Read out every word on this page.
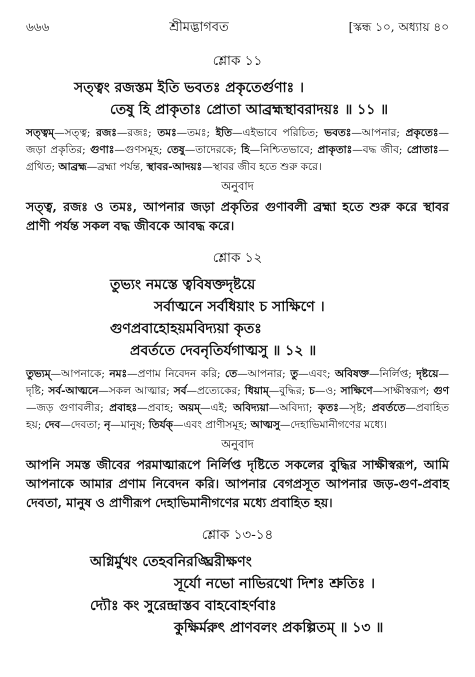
৬৬৬	শ্রীমদ্ভাগবত	[স্কন্ধ ১০, অধ্যায় ৪০
শ্লোক ১১
সত্ত্বং রজস্তম ইতি ভবতঃ প্রকৃতের্গুণাঃ ।
তেষু হি প্রাকৃতাঃ প্রোতা আব্রহ্মস্থাবরাদয়ঃ ॥ ১১ ॥
সত্ত্বম্—সত্ত্ব; রজঃ—রজঃ; তমঃ—তমঃ; ইতি—এইভাবে পরিচিত; ভবতঃ—আপনার; প্রকৃতেঃ—জড়া প্রকৃতির; গুণাঃ—গুণসমূহ; তেষু—তাদেরকে; হি—নিশ্চিতভাবে; প্রাকৃতাঃ—বদ্ধ জীব; প্রোতাঃ—গ্রথিত; আব্রহ্ম—ব্রহ্মা পর্যন্ত, স্থাবর-আদয়ঃ—স্থাবর জীব হতে শুরু করে।
অনুবাদ
সত্ত্ব, রজঃ ও তমঃ, আপনার জড়া প্রকৃতির গুণাবলী ব্রহ্মা হতে শুরু করে স্থাবর প্রাণী পর্যন্ত সকল বদ্ধ জীবকে আবদ্ধ করে।
শ্লোক ১২
তুভ্যং নমস্তে ত্ববিষক্তদৃষ্টয়ে
সর্বাত্মনে সর্বধিয়াং চ সাক্ষিণে ।
গুণপ্রবাহোহয়মবিদ্যয়া কৃতঃ
প্রবর্ততে দেবনৃতির্যগাত্মসু ॥ ১২ ॥
তুভ্যম্—আপনাকে; নমঃ—প্রণাম নিবেদন করি; তে—আপনার; তু—এবং; অবিষক্ত—নির্লিপ্ত; দৃষ্টয়ে—দৃষ্টি; সর্ব-আত্মনে—সকল আত্মার; সর্ব—প্রত্যেকের; ধিয়াম্—বুদ্ধির; চ—ও; সাক্ষিণে—সাক্ষীস্বরূপ; গুণ—জড় গুণাবলীর; প্রবাহঃ—প্রবাহ; অয়ম্—এই; অবিদ্যয়া—অবিদ্যা; কৃতঃ—সৃষ্ট; প্রবর্ততে—প্রবাহিত হয়; দেব—দেবতা; নৃ—মানুষ; তির্যক্—এবং প্রাণীসমূহ; আত্মসু—দেহাভিমানীগণের মধ্যে।
অনুবাদ
আপনি সমস্ত জীবের পরমাত্মারূপে নির্লিপ্ত দৃষ্টিতে সকলের বুদ্ধির সাক্ষীস্বরূপ, আমি আপনাকে আমার প্রণাম নিবেদন করি। আপনার বেগপ্রসূত আপনার জড়-গুণ-প্রবাহ দেবতা, মানুষ ও প্রাণীরূপ দেহাভিমানীগণের মধ্যে প্রবাহিত হয়।
শ্লোক ১৩-১৪
অগ্নির্মুখং তেহবনিরঙ্ঘ্রিরীক্ষণং
সূর্যো নভো নাভিরথো দিশঃ শ্রুতিঃ ।
দ্যৌঃ কং সুরেন্দ্রাস্তব বাহবোহর্ণবাঃ
কুক্ষির্মরুৎ প্রাণবলং প্রকল্পিতম্ ॥ ১৩ ॥
